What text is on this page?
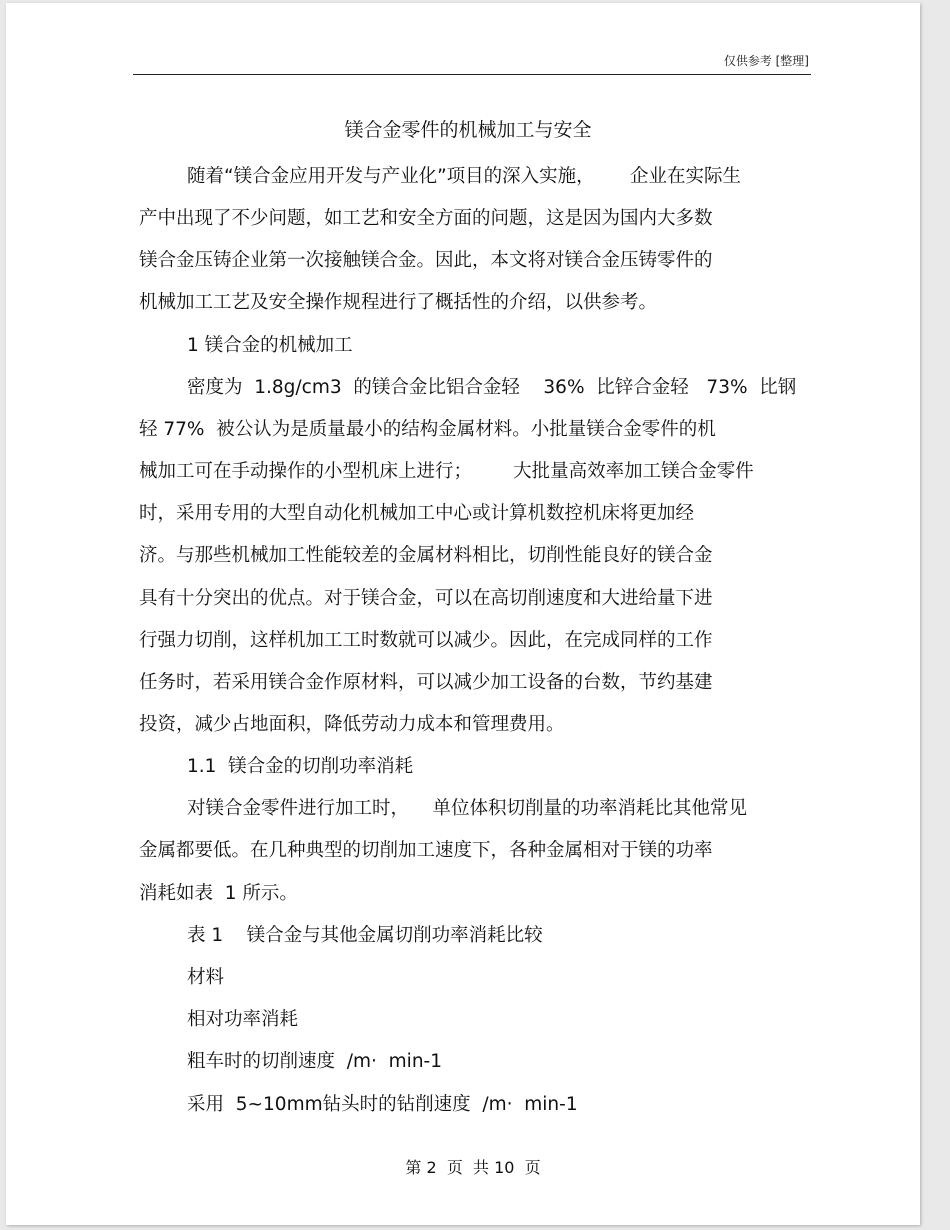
仅供参考 [整理]
镁合金零件的机械加工与安全
随着“镁合金应用开发与产业化”项目的深入实施，      企业在实际生
产中出现了不少问题，如工艺和安全方面的问题，这是因为国内大多数
镁合金压铸企业第一次接触镁合金。因此，本文将对镁合金压铸零件的
机械加工工艺及安全操作规程进行了概括性的介绍，以供参考。
1 镁合金的机械加工
密度为  1.8g/cm3  的镁合金比铝合金轻    36%  比锌合金轻   73%  比钢
轻 77%  被公认为是质量最小的结构金属材料。小批量镁合金零件的机
械加工可在手动操作的小型机床上进行；       大批量高效率加工镁合金零件
时，采用专用的大型自动化机械加工中心或计算机数控机床将更加经
济。与那些机械加工性能较差的金属材料相比，切削性能良好的镁合金
具有十分突出的优点。对于镁合金，可以在高切削速度和大进给量下进
行强力切削，这样机加工工时数就可以减少。因此，在完成同样的工作
任务时，若采用镁合金作原材料，可以减少加工设备的台数，节约基建
投资，减少占地面积，降低劳动力成本和管理费用。
1.1  镁合金的切削功率消耗
对镁合金零件进行加工时，    单位体积切削量的功率消耗比其他常见
金属都要低。在几种典型的切削加工速度下，各种金属相对于镁的功率
消耗如表  1 所示。
表 1    镁合金与其他金属切削功率消耗比较
材料
相对功率消耗
粗车时的切削速度  /m·  min-1
采用  5~10mm钻头时的钻削速度  /m·  min-1
第 2  页  共 10  页
